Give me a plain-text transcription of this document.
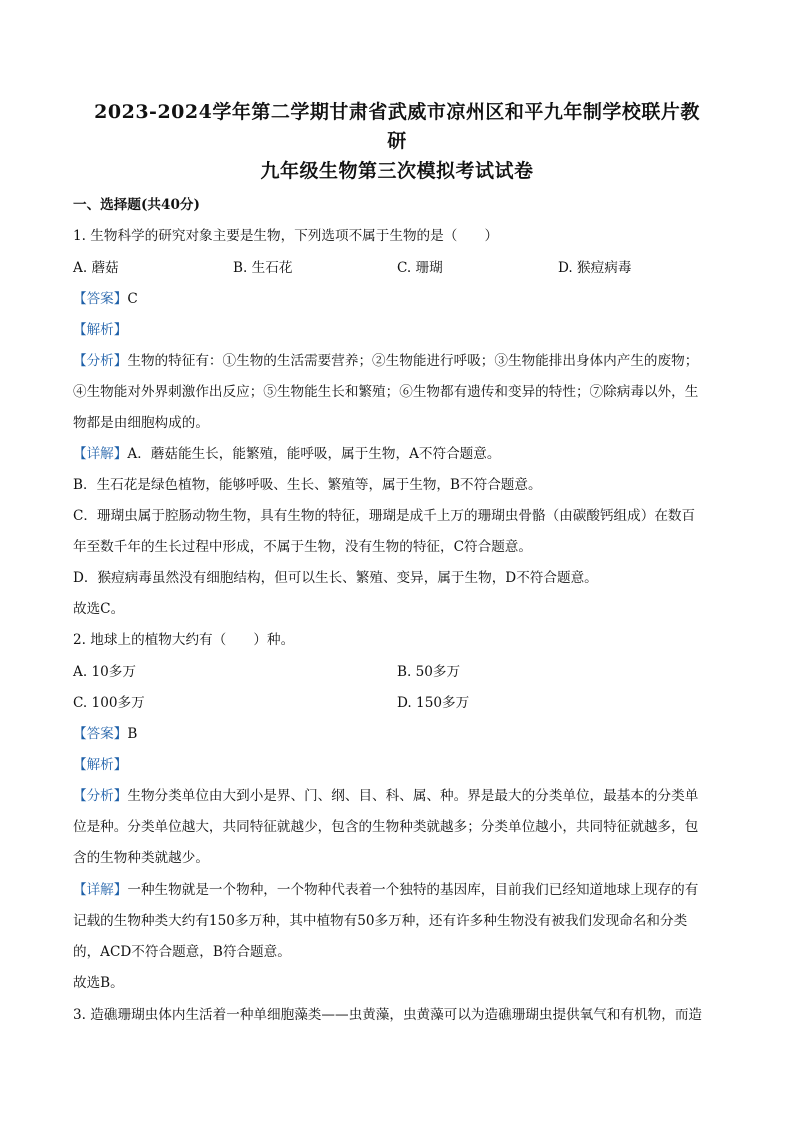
2023-2024学年第二学期甘肃省武威市凉州区和平九年制学校联片教
研
九年级生物第三次模拟考试试卷
一、选择题(共40分)
1. 生物科学的研究对象主要是生物，下列选项不属于生物的是（　　）
A. 蘑菇	B. 生石花	C. 珊瑚	D. 猴痘病毒
【答案】C
【解析】
【分析】生物的特征有：①生物的生活需要营养；②生物能进行呼吸；③生物能排出身体内产生的废物；
④生物能对外界刺激作出反应；⑤生物能生长和繁殖；⑥生物都有遗传和变异的特性；⑦除病毒以外，生
物都是由细胞构成的。
【详解】A．蘑菇能生长，能繁殖，能呼吸，属于生物，A不符合题意。
B．生石花是绿色植物，能够呼吸、生长、繁殖等，属于生物，B不符合题意。
C．珊瑚虫属于腔肠动物生物，具有生物的特征，珊瑚是成千上万的珊瑚虫骨骼（由碳酸钙组成）在数百
年至数千年的生长过程中形成，不属于生物，没有生物的特征，C符合题意。
D．猴痘病毒虽然没有细胞结构，但可以生长、繁殖、变异，属于生物，D不符合题意。
故选C。
2. 地球上的植物大约有（　　）种。
A. 10多万	B. 50多万
C. 100多万	D. 150多万
【答案】B
【解析】
【分析】生物分类单位由大到小是界、门、纲、目、科、属、种。界是最大的分类单位，最基本的分类单
位是种。分类单位越大，共同特征就越少，包含的生物种类就越多；分类单位越小，共同特征就越多，包
含的生物种类就越少。
【详解】一种生物就是一个物种，一个物种代表着一个独特的基因库，目前我们已经知道地球上现存的有
记载的生物种类大约有150多万种，其中植物有50多万种，还有许多种生物没有被我们发现命名和分类
的，ACD不符合题意，B符合题意。
故选B。
3. 造礁珊瑚虫体内生活着一种单细胞藻类——虫黄藻，虫黄藻可以为造礁珊瑚虫提供氧气和有机物，而造
